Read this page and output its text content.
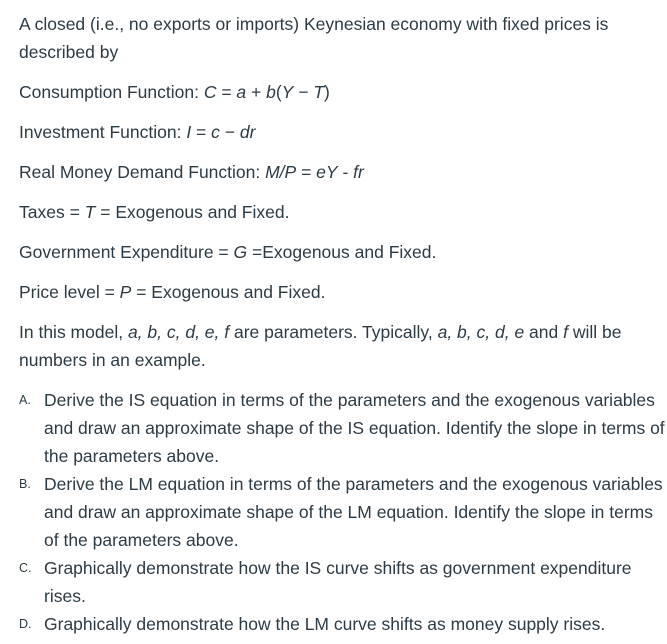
A closed (i.e., no exports or imports) Keynesian economy with fixed prices is
described by

Consumption Function: C = a + b(Y − T)

Investment Function: I = c − dr

Real Money Demand Function: M/P = eY - fr

Taxes = T = Exogenous and Fixed.

Government Expenditure = G =Exogenous and Fixed.

Price level = P = Exogenous and Fixed.

In this model, a, b, c, d, e, f are parameters. Typically, a, b, c, d, e and f will be
numbers in an example.

A. Derive the IS equation in terms of the parameters and the exogenous variables and draw an approximate shape of the IS equation. Identify the slope in terms of the parameters above.
B. Derive the LM equation in terms of the parameters and the exogenous variables and draw an approximate shape of the LM equation. Identify the slope in terms of the parameters above.
C. Graphically demonstrate how the IS curve shifts as government expenditure rises.
D. Graphically demonstrate how the LM curve shifts as money supply rises.
